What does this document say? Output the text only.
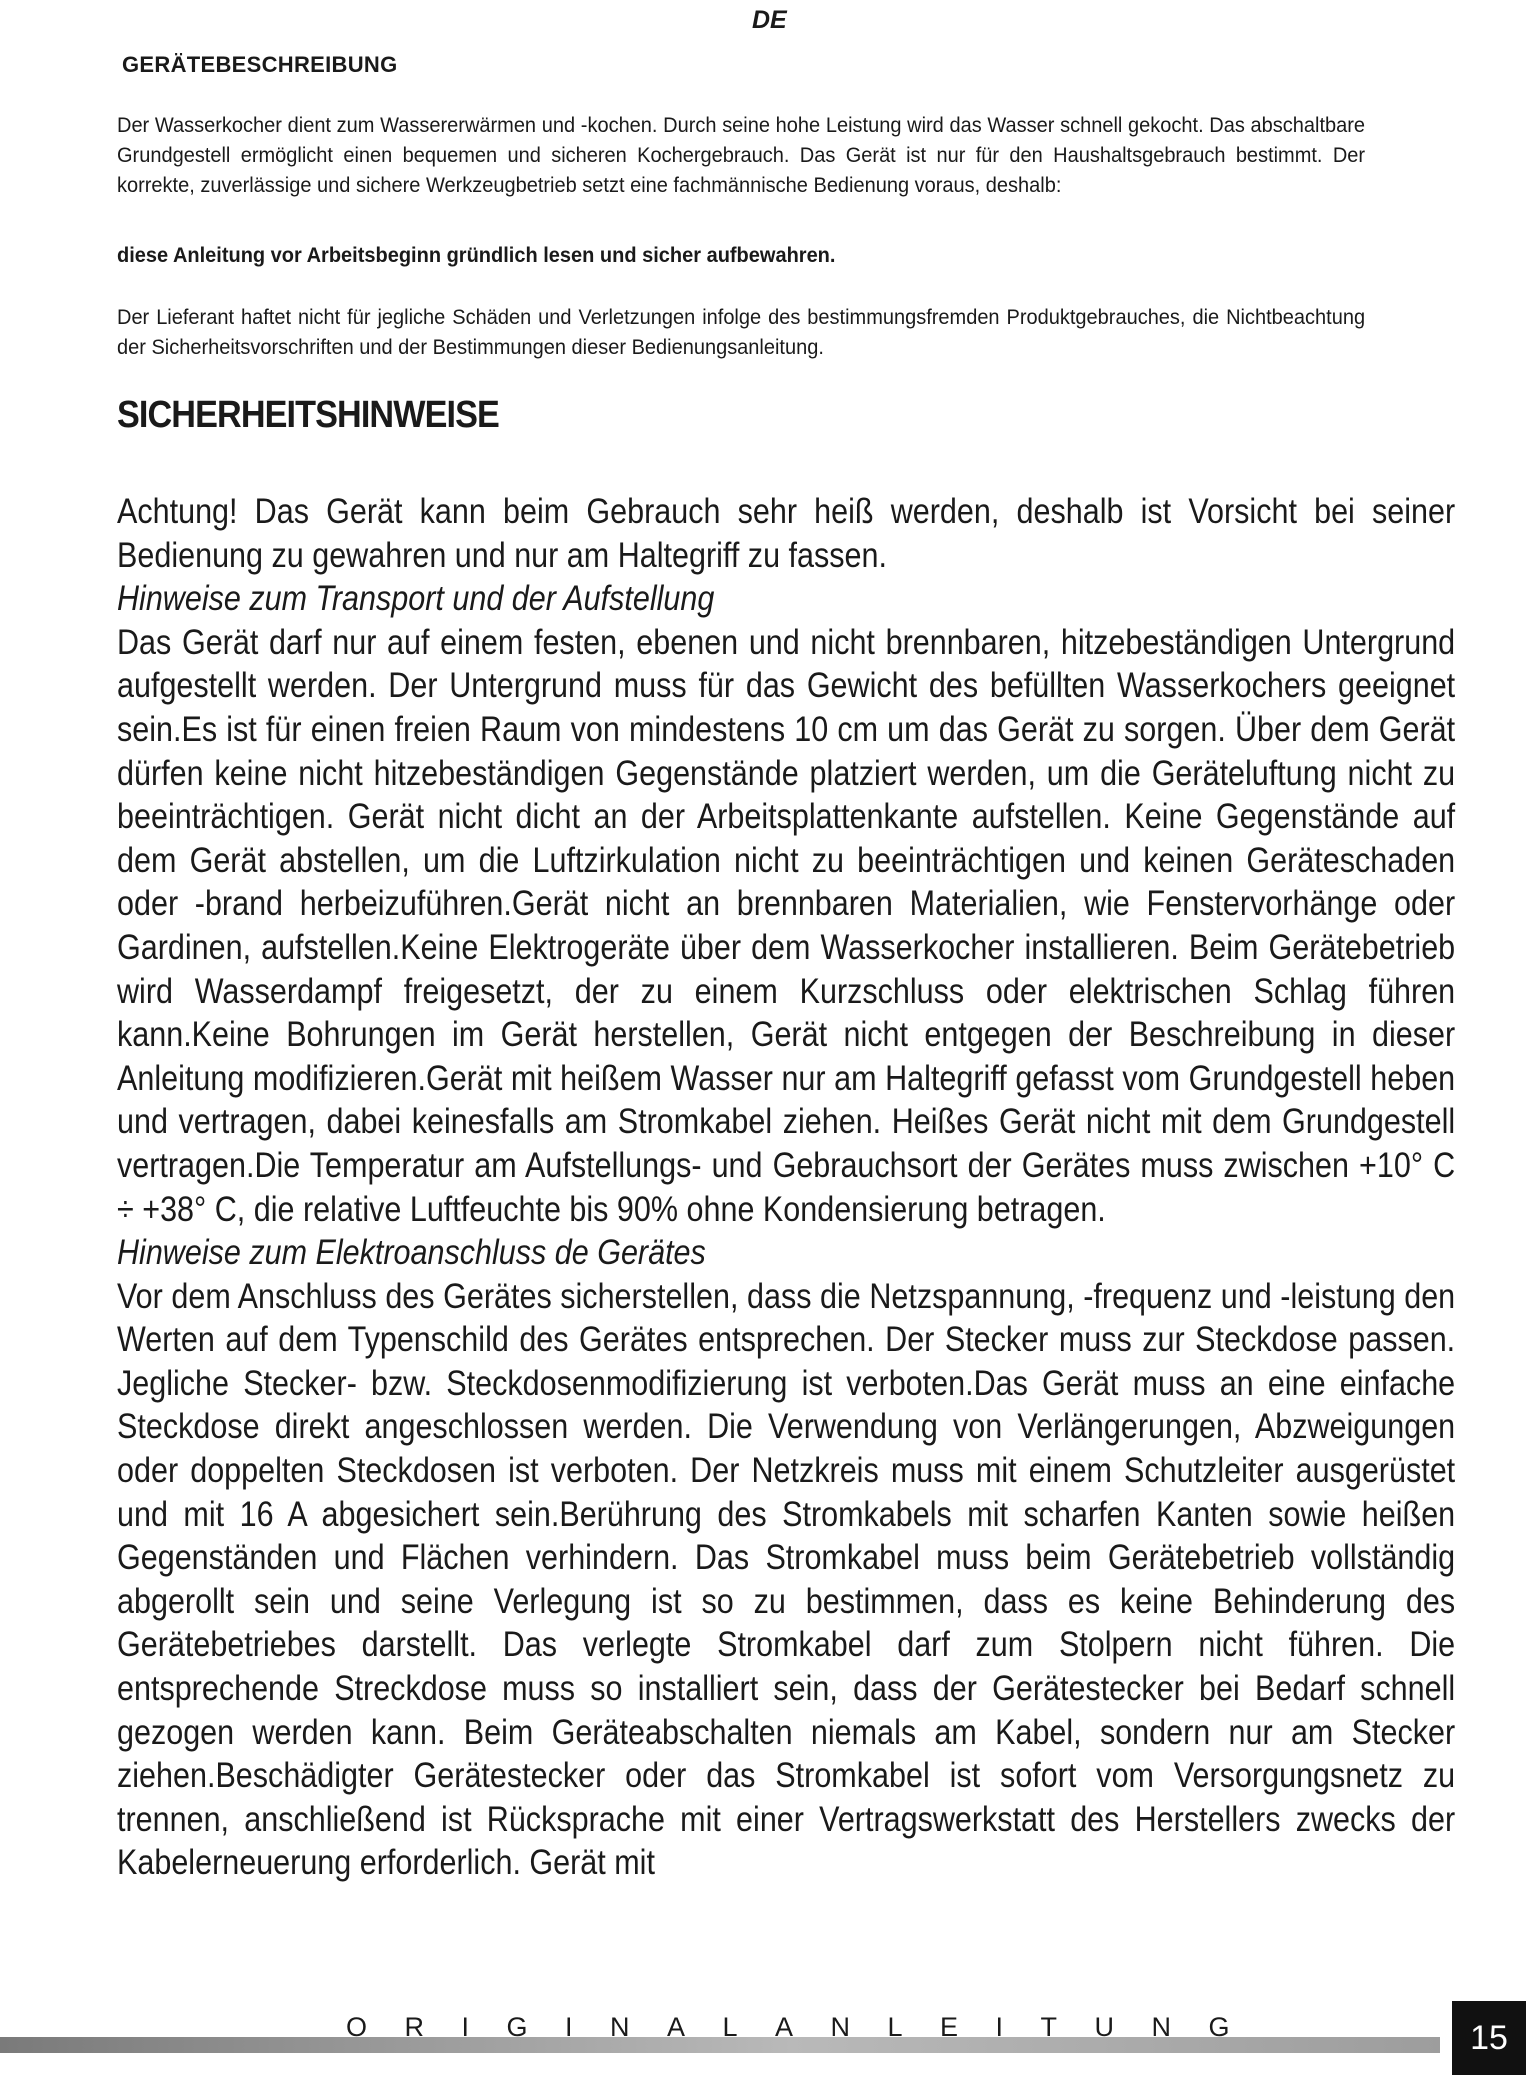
DE
GERÄTEBESCHREIBUNG

Der Wasserkocher dient zum Wassererwärmen und -kochen. Durch seine hohe Leistung wird das Wasser schnell gekocht. Das abschaltbare Grundgestell ermöglicht einen bequemen und sicheren Kochergebrauch. Das Gerät ist nur für den Haushaltsgebrauch bestimmt. Der korrekte, zuverlässige und sichere Werkzeugbetrieb setzt eine fachmännische Bedienung voraus, deshalb:

diese Anleitung vor Arbeitsbeginn gründlich lesen und sicher aufbewahren.

Der Lieferant haftet nicht für jegliche Schäden und Verletzungen infolge des bestimmungsfremden Produktgebrauches, die Nichtbeachtung der Sicherheitsvorschriften und der Bestimmungen dieser Bedienungsanleitung.

SICHERHEITSHINWEISE

Achtung! Das Gerät kann beim Gebrauch sehr heiß werden, deshalb ist Vorsicht bei seiner Bedienung zu gewahren und nur am Haltegriff zu fassen.

Hinweise zum Transport und der Aufstellung

Das Gerät darf nur auf einem festen, ebenen und nicht brennbaren, hitzebeständigen Untergrund aufgestellt werden. Der Untergrund muss für das Gewicht des befüllten Wasserkochers geeignet sein.Es ist für einen freien Raum von mindestens 10 cm um das Gerät zu sorgen. Über dem Gerät dürfen keine nicht hitzebeständigen Gegenstände platziert werden, um die Geräteluftung nicht zu beeinträchtigen. Gerät nicht dicht an der Arbeitsplattenkante aufstellen. Keine Gegenstände auf dem Gerät abstellen, um die Luftzirkulation nicht zu beeinträchtigen und keinen Geräteschaden oder -brand herbeizuführen.Gerät nicht an brennbaren Materialien, wie Fenstervorhänge oder Gardinen, aufstellen.Keine Elektrogeräte über dem Wasserkocher installieren. Beim Gerätebetrieb wird Wasserdampf freigesetzt, der zu einem Kurzschluss oder elektrischen Schlag führen kann.Keine Bohrungen im Gerät herstellen, Gerät nicht entgegen der Beschreibung in dieser Anleitung modifizieren.Gerät mit heißem Wasser nur am Haltegriff gefasst vom Grundgestell heben und vertragen, dabei keinesfalls am Stromkabel ziehen. Heißes Gerät nicht mit dem Grundgestell vertragen.Die Temperatur am Aufstellungs- und Gebrauchsort der Gerätes muss zwischen +10° C ÷ +38° C, die relative Luftfeuchte bis 90% ohne Kondensierung betragen.

Hinweise zum Elektroanschluss de Gerätes

Vor dem Anschluss des Gerätes sicherstellen, dass die Netzspannung, -frequenz und -leistung den Werten auf dem Typenschild des Gerätes entsprechen. Der Stecker muss zur Steckdose passen. Jegliche Stecker- bzw. Steckdosenmodifizierung ist verboten.Das Gerät muss an eine einfache Steckdose direkt angeschlossen werden. Die Verwendung von Verlängerungen, Abzweigungen oder doppelten Steckdosen ist verboten. Der Netzkreis muss mit einem Schutzleiter ausgerüstet und mit 16 A abgesichert sein.Berührung des Stromkabels mit scharfen Kanten sowie heißen Gegenständen und Flächen verhindern. Das Stromkabel muss beim Gerätebetrieb vollständig abgerollt sein und seine Verlegung ist so zu bestimmen, dass es keine Behinderung des Gerätebetriebes darstellt. Das verlegte Stromkabel darf zum Stolpern nicht führen. Die entsprechende Streckdose muss so installiert sein, dass der Gerätestecker bei Bedarf schnell gezogen werden kann. Beim Geräteabschalten niemals am Kabel, sondern nur am Stecker ziehen.Beschädigter Gerätestecker oder das Stromkabel ist sofort vom Versorgungsnetz zu trennen, anschließend ist Rücksprache mit einer Vertragswerkstatt des Herstellers zwecks der Kabelerneuerung erforderlich. Gerät mit

ORIGINALANLEITUNG	15
